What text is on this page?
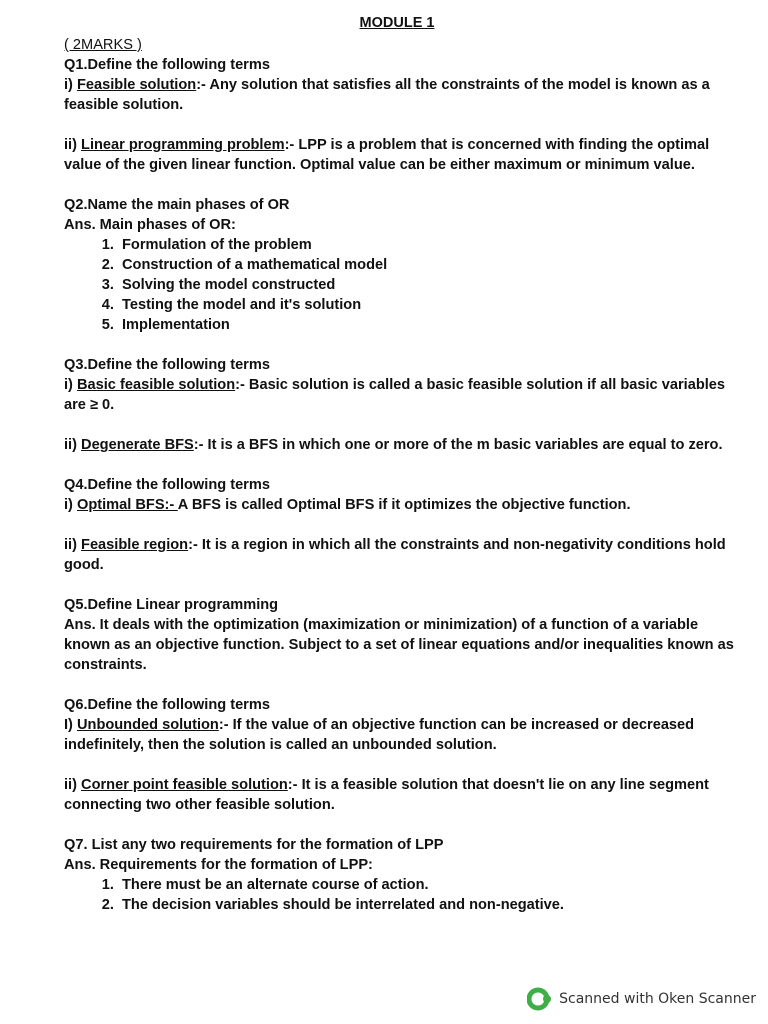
MODULE 1
( 2MARKS )
Q1.Define the following terms
i) Feasible solution:- Any solution that satisfies all the constraints of the model is known as a feasible solution.
ii) Linear programming problem:- LPP is a problem that is concerned with finding the optimal value of the given linear function. Optimal value can be either maximum or minimum value.
Q2.Name the main phases of OR
Ans. Main phases of OR:
1. Formulation of the problem
2. Construction of a mathematical model
3. Solving the model constructed
4. Testing the model and it's solution
5. Implementation
Q3.Define the following terms
i) Basic feasible solution:- Basic solution is called a basic feasible solution if all basic variables are ≥ 0.
ii) Degenerate BFS:- It is a BFS in which one or more of the m basic variables are equal to zero.
Q4.Define the following terms
i) Optimal BFS:- A BFS is called Optimal BFS if it optimizes the objective function.
ii) Feasible region:- It is a region in which all the constraints and non-negativity conditions hold good.
Q5.Define Linear programming
Ans. It deals with the optimization (maximization or minimization) of a function of a variable known as an objective function. Subject to a set of linear equations and/or inequalities known as constraints.
Q6.Define the following terms
I) Unbounded solution:- If the value of an objective function can be increased or decreased indefinitely, then the solution is called an unbounded solution.
ii) Corner point feasible solution:- It is a feasible solution that doesn't lie on any line segment connecting two other feasible solution.
Q7. List any two requirements for the formation of LPP
Ans. Requirements for the formation of LPP:
1. There must be an alternate course of action.
2. The decision variables should be interrelated and non-negative.
Scanned with Oken Scanner
